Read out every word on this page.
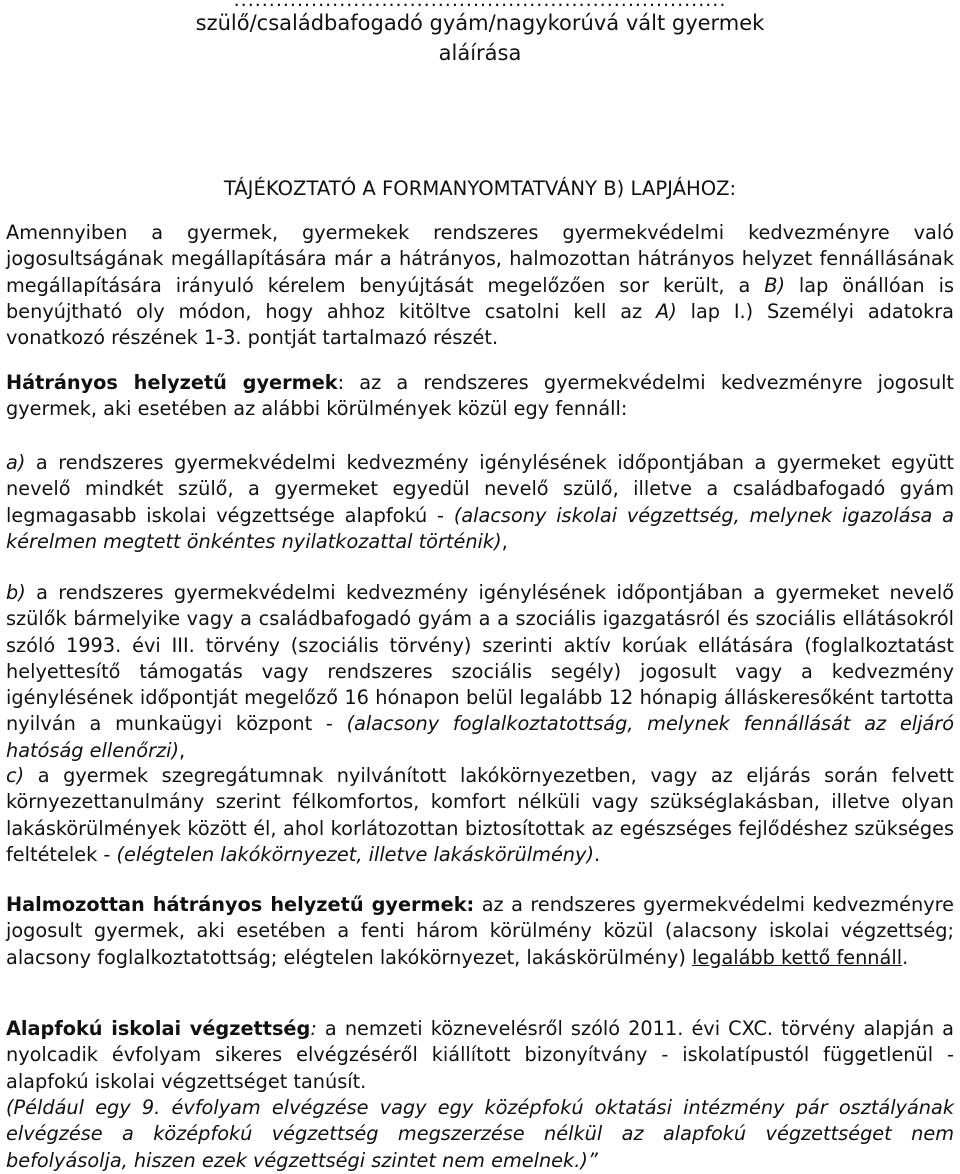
......................................................................
szülő/családbafogadó gyám/nagykorúvá vált gyermek
aláírása
TÁJÉKOZTATÓ A FORMANYOMTATVÁNY B) LAPJÁHOZ:

Amennyiben a gyermek, gyermekek rendszeres gyermekvédelmi kedvezményre való jogosultságának megállapítására már a hátrányos, halmozottan hátrányos helyzet fennállásának megállapítására irányuló kérelem benyújtását megelőzően sor került, a B) lap önállóan is benyújtható oly módon, hogy ahhoz kitöltve csatolni kell az A) lap I.) Személyi adatokra vonatkozó részének 1-3. pontját tartalmazó részét.

Hátrányos helyzetű gyermek: az a rendszeres gyermekvédelmi kedvezményre jogosult gyermek, aki esetében az alábbi körülmények közül egy fennáll:

a) a rendszeres gyermekvédelmi kedvezmény igénylésének időpontjában a gyermeket együtt nevelő mindkét szülő, a gyermeket egyedül nevelő szülő, illetve a családbafogadó gyám legmagasabb iskolai végzettsége alapfokú - (alacsony iskolai végzettség, melynek igazolása a kérelmen megtett önkéntes nyilatkozattal történik),

b) a rendszeres gyermekvédelmi kedvezmény igénylésének időpontjában a gyermeket nevelő szülők bármelyike vagy a családbafogadó gyám a a szociális igazgatásról és szociális ellátásokról szóló 1993. évi III. törvény (szociális törvény) szerinti aktív korúak ellátására (foglalkoztatást helyettesítő támogatás vagy rendszeres szociális segély) jogosult vagy a kedvezmény igénylésének időpontját megelőző 16 hónapon belül legalább 12 hónapig álláskeresőként tartotta nyilván a munkaügyi központ - (alacsony foglalkoztatottság, melynek fennállását az eljáró hatóság ellenőrzi),

c) a gyermek szegregátumnak nyilvánított lakókörnyezetben, vagy az eljárás során felvett környezettanulmány szerint félkomfortos, komfort nélküli vagy szükséglakásban, illetve olyan lakáskörülmények között él, ahol korlátozottan biztosítottak az egészséges fejlődéshez szükséges feltételek - (elégtelen lakókörnyezet, illetve lakáskörülmény).

Halmozottan hátrányos helyzetű gyermek: az a rendszeres gyermekvédelmi kedvezményre jogosult gyermek, aki esetében a fenti három körülmény közül (alacsony iskolai végzettség; alacsony foglalkoztatottság; elégtelen lakókörnyezet, lakáskörülmény) legalább kettő fennáll.

Alapfokú iskolai végzettség: a nemzeti köznevelésről szóló 2011. évi CXC. törvény alapján a nyolcadik évfolyam sikeres elvégzéséről kiállított bizonyítvány - iskolatípustól függetlenül - alapfokú iskolai végzettséget tanúsít.

(Például egy 9. évfolyam elvégzése vagy egy középfokú oktatási intézmény pár osztályának elvégzése a középfokú végzettség megszerzése nélkül az alapfokú végzettséget nem befolyásolja, hiszen ezek végzettségi szintet nem emelnek.)”
